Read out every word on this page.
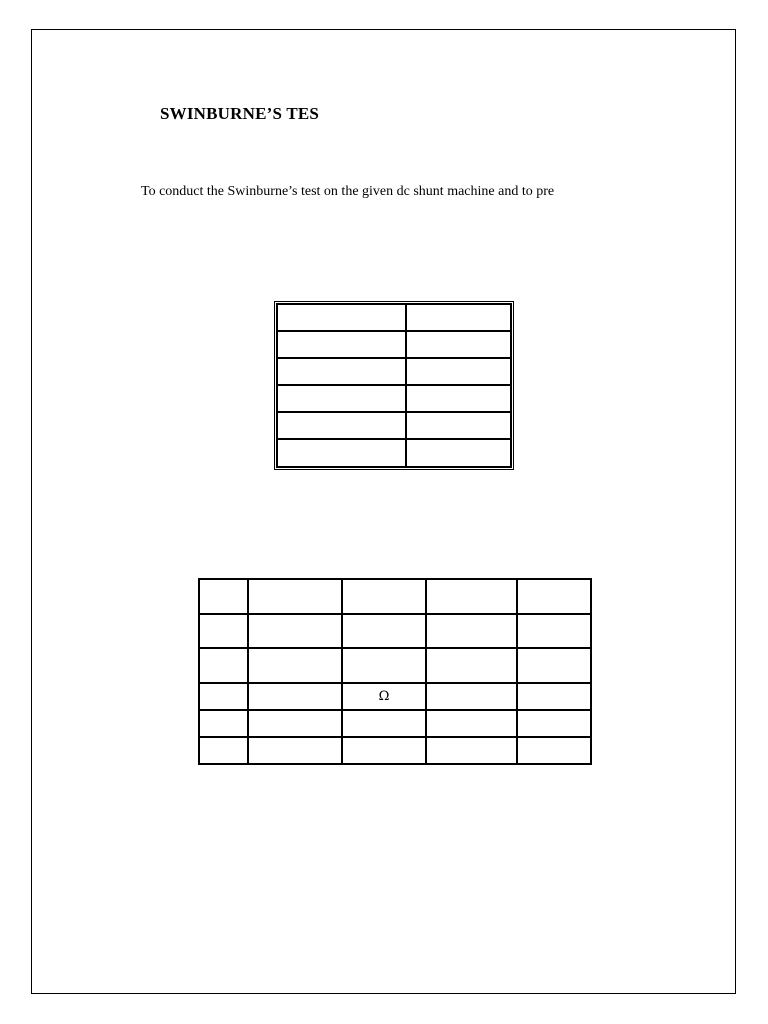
SWINBURNE’S TES
To conduct the Swinburne’s test on the given dc shunt machine and to pre

		Ω		
